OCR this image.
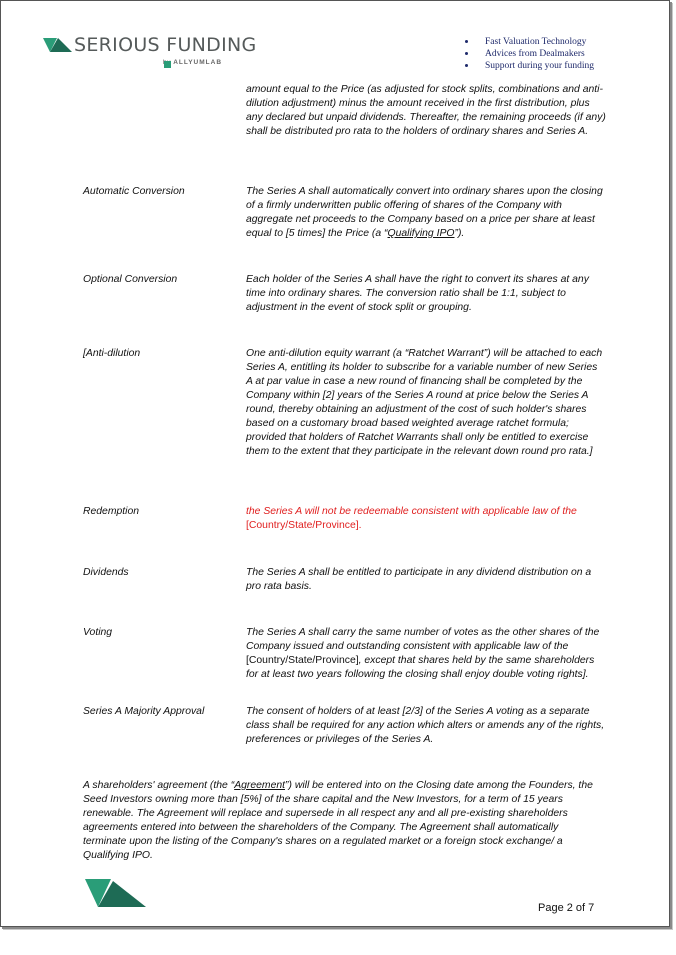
SERIOUS FUNDING
ALLYUMLAB
Fast Valuation Technology
Advices from Dealmakers
Support during your funding
amount equal to the Price (as adjusted for stock splits, combinations and anti-dilution adjustment) minus the amount received in the first distribution, plus any declared but unpaid dividends. Thereafter, the remaining proceeds (if any) shall be distributed pro rata to the holders of ordinary shares and Series A.
Automatic Conversion	The Series A shall automatically convert into ordinary shares upon the closing of a firmly underwritten public offering of shares of the Company with aggregate net proceeds to the Company based on a price per share at least equal to [5 times] the Price (a “Qualifying IPO”).
Optional Conversion	Each holder of the Series A shall have the right to convert its shares at any time into ordinary shares. The conversion ratio shall be 1:1, subject to adjustment in the event of stock split or grouping.
[Anti-dilution	One anti-dilution equity warrant (a “Ratchet Warrant”) will be attached to each Series A, entitling its holder to subscribe for a variable number of new Series A at par value in case a new round of financing shall be completed by the Company within [2] years of the Series A round at price below the Series A round, thereby obtaining an adjustment of the cost of such holder's shares based on a customary broad based weighted average ratchet formula; provided that holders of Ratchet Warrants shall only be entitled to exercise them to the extent that they participate in the relevant down round pro rata.]
Redemption	the Series A will not be redeemable consistent with applicable law of the [Country/State/Province].
Dividends	The Series A shall be entitled to participate in any dividend distribution on a pro rata basis.
Voting	The Series A shall carry the same number of votes as the other shares of the Company issued and outstanding consistent with applicable law of the [Country/State/Province], except that shares held by the same shareholders for at least two years following the closing shall enjoy double voting rights].
Series A Majority Approval	The consent of holders of at least [2/3] of the Series A voting as a separate class shall be required for any action which alters or amends any of the rights, preferences or privileges of the Series A.
A shareholders' agreement (the “Agreement”) will be entered into on the Closing date among the Founders, the Seed Investors owning more than [5%] of the share capital and the New Investors, for a term of 15 years renewable. The Agreement will replace and supersede in all respect any and all pre-existing shareholders agreements entered into between the shareholders of the Company. The Agreement shall automatically terminate upon the listing of the Company's shares on a regulated market or a foreign stock exchange/ a Qualifying IPO.
Page 2 of 7
